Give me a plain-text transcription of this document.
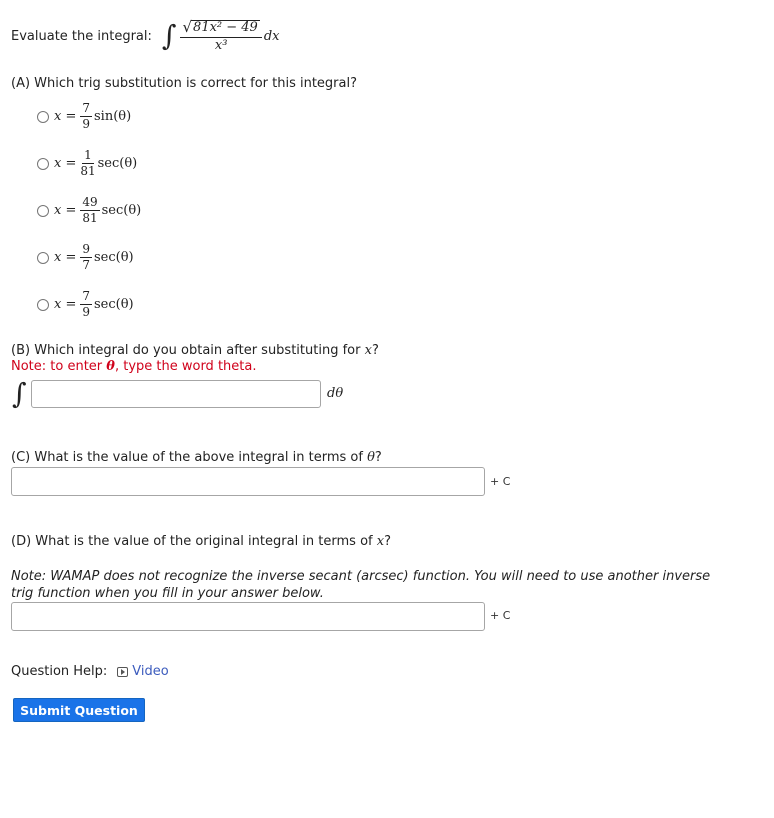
Evaluate the integral: ∫ $\frac{\text{√ 81x² − 49}}{\text{x³}}$ dx
(A) Which trig substitution is correct for this integral?
$x = \frac{7}{9} \sin(\theta)$
$x = \frac{1}{81} \sec(\theta)$
$x = \frac{49}{81} \sec(\theta)$
$x = \frac{9}{7} \sec(\theta)$
$x = \frac{7}{9} \sec(\theta)$
(B) Which integral do you obtain after substituting for x?
Note: to enter θ, type the word theta.
∫	dθ
(C) What is the value of the above integral in terms of θ?
+ C
(D) What is the value of the original integral in terms of x?
Note: WAMAP does not recognize the inverse secant (arcsec) function. You will need to use another inverse trig function when you fill in your answer below.
+ C
Question Help: Video
Submit Question
